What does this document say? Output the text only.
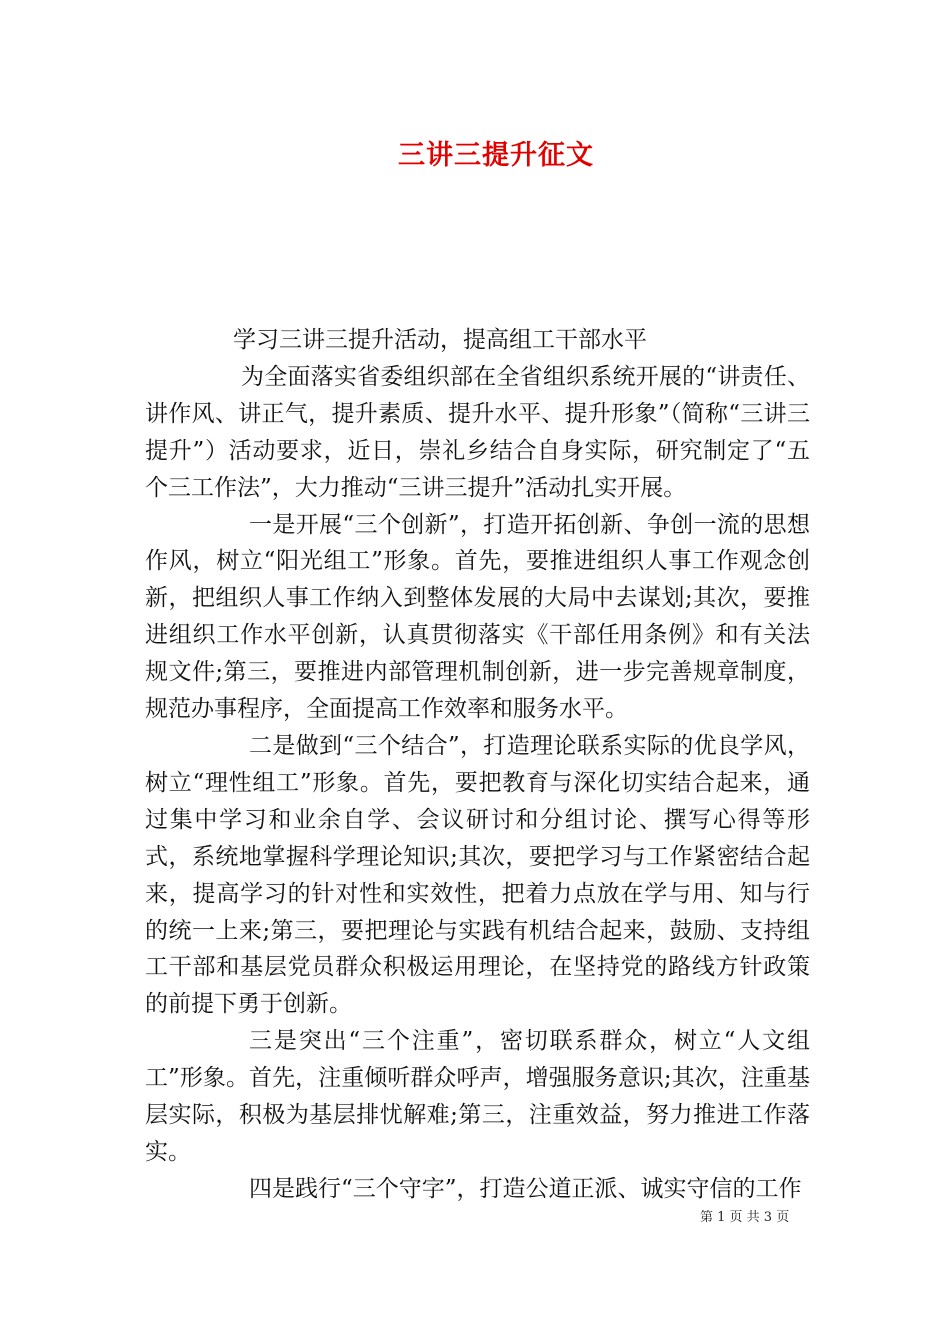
三讲三提升征文

学习三讲三提升活动，提高组工干部水平

为全面落实省委组织部在全省组织系统开展的“讲责任、讲作风、讲正气，提升素质、提升水平、提升形象”（简称“三讲三提升”）活动要求，近日，崇礼乡结合自身实际，研究制定了“五个三工作法”，大力推动“三讲三提升”活动扎实开展。

一是开展“三个创新”，打造开拓创新、争创一流的思想作风，树立“阳光组工”形象。首先，要推进组织人事工作观念创新，把组织人事工作纳入到整体发展的大局中去谋划;其次，要推进组织工作水平创新，认真贯彻落实《干部任用条例》和有关法规文件;第三，要推进内部管理机制创新，进一步完善规章制度，规范办事程序，全面提高工作效率和服务水平。

二是做到“三个结合”，打造理论联系实际的优良学风，树立“理性组工”形象。首先，要把教育与深化切实结合起来，通过集中学习和业余自学、会议研讨和分组讨论、撰写心得等形式，系统地掌握科学理论知识;其次，要把学习与工作紧密结合起来，提高学习的针对性和实效性，把着力点放在学与用、知与行的统一上来;第三，要把理论与实践有机结合起来，鼓励、支持组工干部和基层党员群众积极运用理论，在坚持党的路线方针政策的前提下勇于创新。

三是突出“三个注重”，密切联系群众，树立“人文组工”形象。首先，注重倾听群众呼声，增强服务意识;其次，注重基层实际，积极为基层排忧解难;第三，注重效益，努力推进工作落实。

四是践行“三个守字”，打造公道正派、诚实守信的工作

第 1 页 共 3 页
